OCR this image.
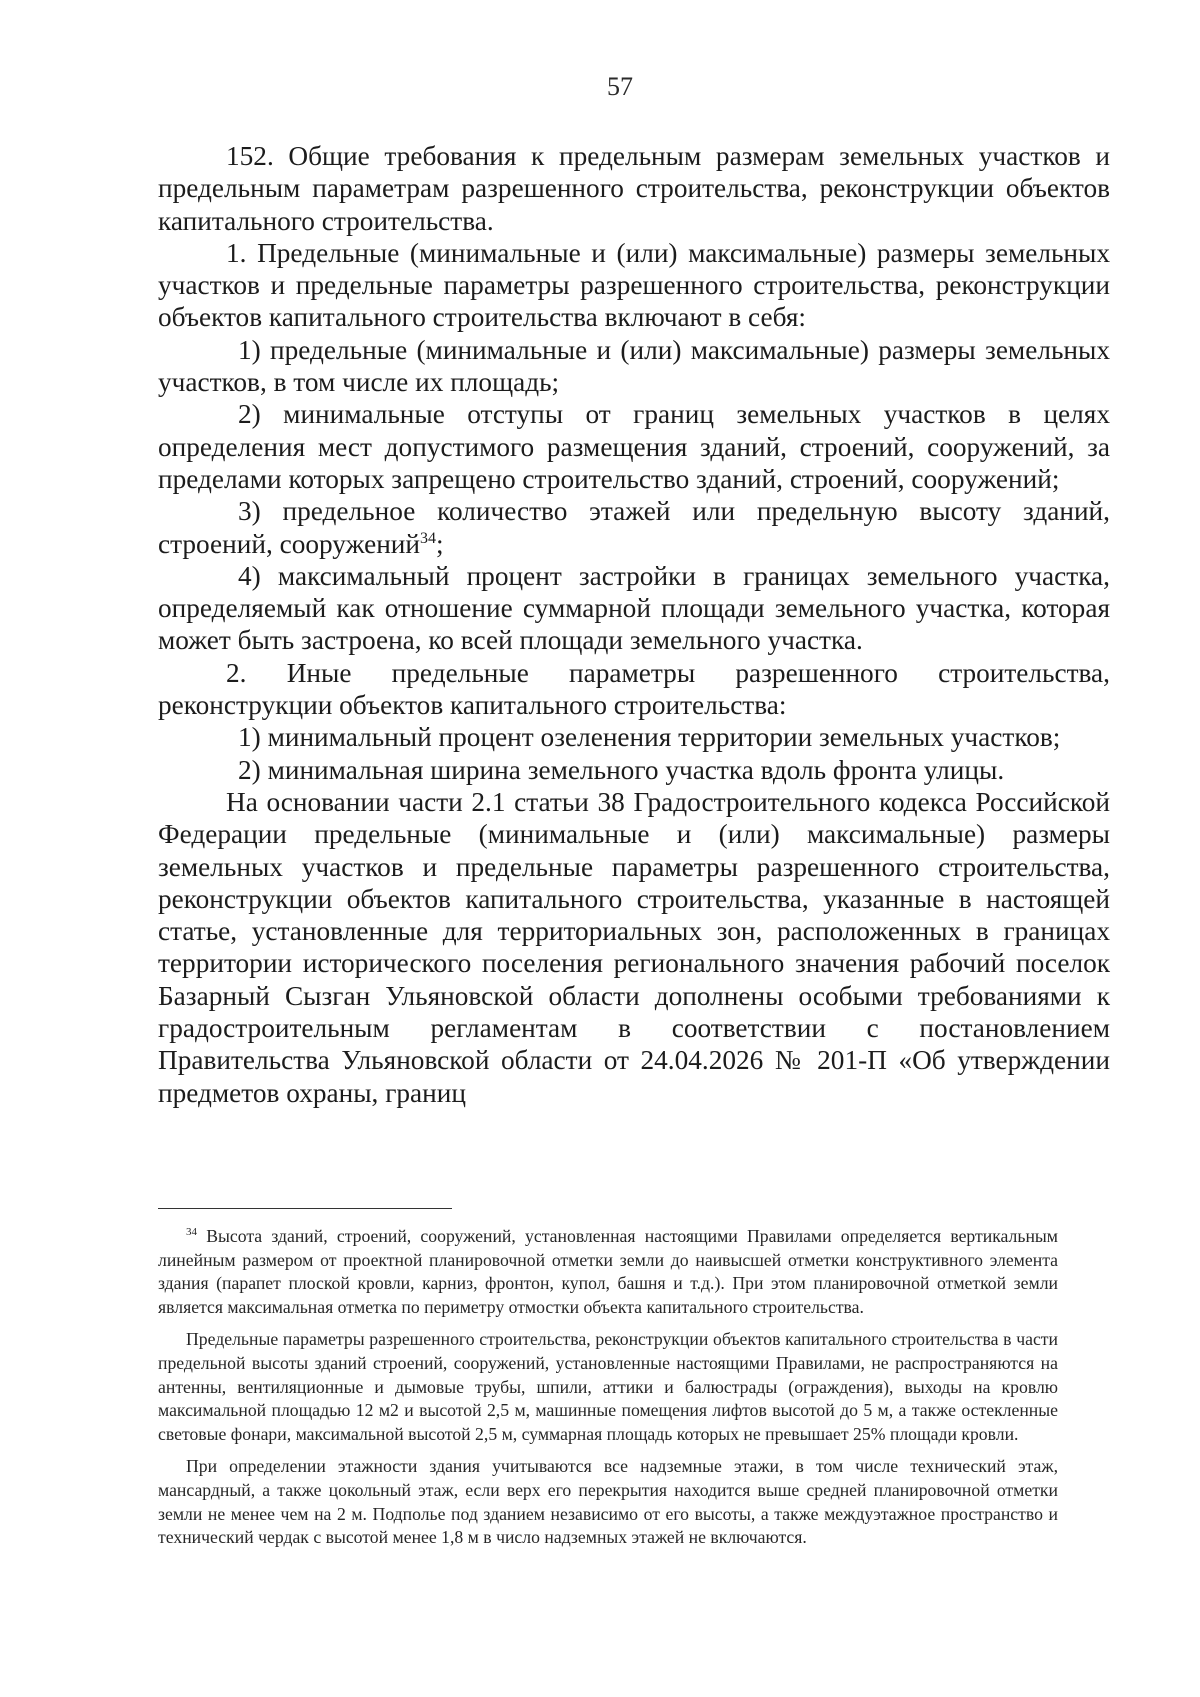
57

152. Общие требования к предельным размерам земельных участков и предельным параметрам разрешенного строительства, реконструкции объектов капитального строительства.

1. Предельные (минимальные и (или) максимальные) размеры земельных участков и предельные параметры разрешенного строительства, реконструкции объектов капитального строительства включают в себя:

1) предельные (минимальные и (или) максимальные) размеры земельных участков, в том числе их площадь;

2) минимальные отступы от границ земельных участков в целях определения мест допустимого размещения зданий, строений, сооружений, за пределами которых запрещено строительство зданий, строений, сооружений;

3) предельное количество этажей или предельную высоту зданий, строений, сооружений$^{34}$;

4) максимальный процент застройки в границах земельного участка, определяемый как отношение суммарной площади земельного участка, которая может быть застроена, ко всей площади земельного участка.

2. Иные предельные параметры разрешенного строительства, реконструкции объектов капитального строительства:

1) минимальный процент озеленения территории земельных участков;

2) минимальная ширина земельного участка вдоль фронта улицы.

На основании части 2.1 статьи 38 Градостроительного кодекса Российской Федерации предельные (минимальные и (или) максимальные) размеры земельных участков и предельные параметры разрешенного строительства, реконструкции объектов капитального строительства, указанные в настоящей статье, установленные для территориальных зон, расположенных в границах территории исторического поселения регионального значения рабочий поселок Базарный Сызган Ульяновской области дополнены особыми требованиями к градостроительным регламентам в соответствии с постановлением Правительства Ульяновской области от 24.04.2026 № 201-П «Об утверждении предметов охраны, границ

$^{34}$ Высота зданий, строений, сооружений, установленная настоящими Правилами определяется вертикальным линейным размером от проектной планировочной отметки земли до наивысшей отметки конструктивного элемента здания (парапет плоской кровли, карниз, фронтон, купол, башня и т.д.). При этом планировочной отметкой земли является максимальная отметка по периметру отмостки объекта капитального строительства.

Предельные параметры разрешенного строительства, реконструкции объектов капитального строительства в части предельной высоты зданий строений, сооружений, установленные настоящими Правилами, не распространяются на антенны, вентиляционные и дымовые трубы, шпили, аттики и балюстрады (ограждения), выходы на кровлю максимальной площадью 12 м2 и высотой 2,5 м, машинные помещения лифтов высотой до 5 м, а также остекленные световые фонари, максимальной высотой 2,5 м, суммарная площадь которых не превышает 25% площади кровли.

При определении этажности здания учитываются все надземные этажи, в том числе технический этаж, мансардный, а также цокольный этаж, если верх его перекрытия находится выше средней планировочной отметки земли не менее чем на 2 м. Подполье под зданием независимо от его высоты, а также междуэтажное пространство и технический чердак с высотой менее 1,8 м в число надземных этажей не включаются.
